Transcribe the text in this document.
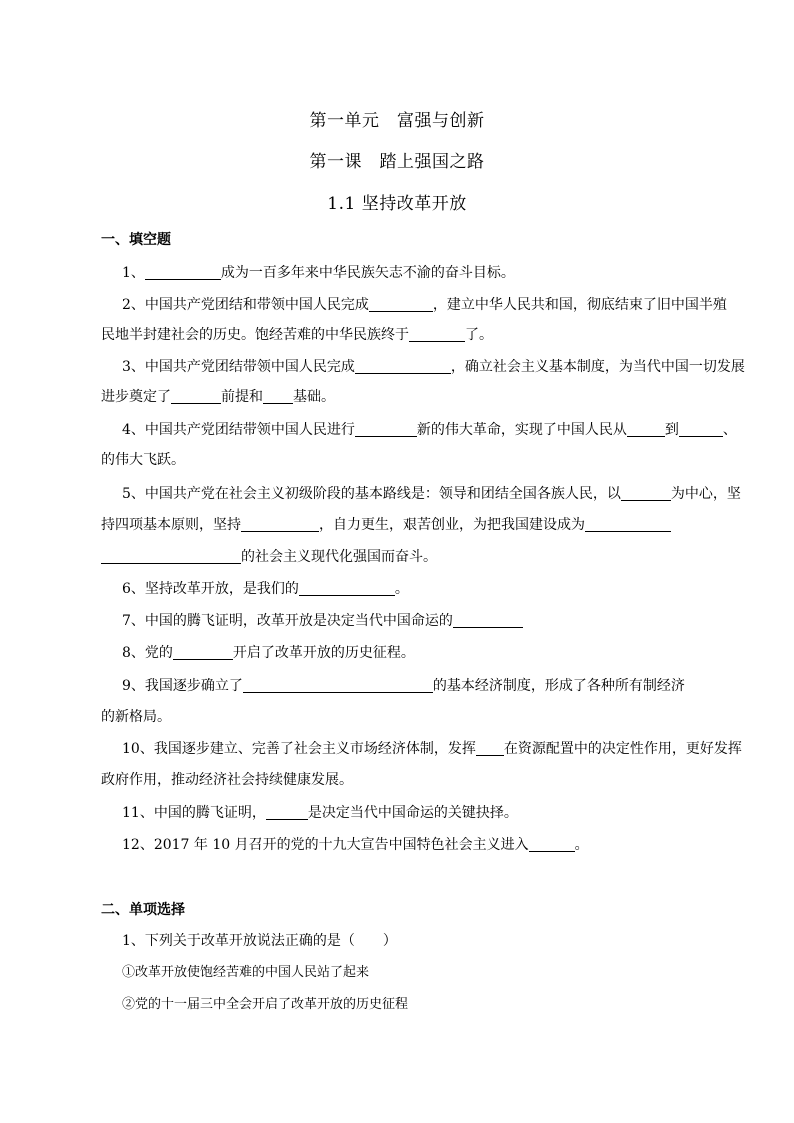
第一单元　富强与创新
第一课　踏上强国之路
1.1 坚持改革开放
一、填空题
1、	成为一百多年来中华民族矢志不渝的奋斗目标。
2、中国共产党团结和带领中国人民完成	，建立中华人民共和国，彻底结束了旧中国半殖
民地半封建社会的历史。饱经苦难的中华民族终于	了。
3、中国共产党团结带领中国人民完成	，确立社会主义基本制度，为当代中国一切发展
进步奠定了	前提和 基础。
4、中国共产党团结带领中国人民进行	新的伟大革命，实现了中国人民从	到	、
的伟大飞跃。
5、中国共产党在社会主义初级阶段的基本路线是：领导和团结全国各族人民，以	为中心，坚
持四项基本原则，坚持	，自力更生，艰苦创业，为把我国建设成为
的社会主义现代化强国而奋斗。
6、坚持改革开放，是我们的	。
7、中国的腾飞证明，改革开放是决定当代中国命运的
8、党的	开启了改革开放的历史征程。
9、我国逐步确立了	的基本经济制度，形成了各种所有制经济
的新格局。
10、我国逐步建立、完善了社会主义市场经济体制，发挥 在资源配置中的决定性作用，更好发挥
政府作用，推动经济社会持续健康发展。
11、中国的腾飞证明，	是决定当代中国命运的关键抉择。
12、2017 年 10 月召开的党的十九大宣告中国特色社会主义进入	。
二、单项选择
1、下列关于改革开放说法正确的是（　　）
①改革开放使饱经苦难的中国人民站了起来
②党的十一届三中全会开启了改革开放的历史征程
